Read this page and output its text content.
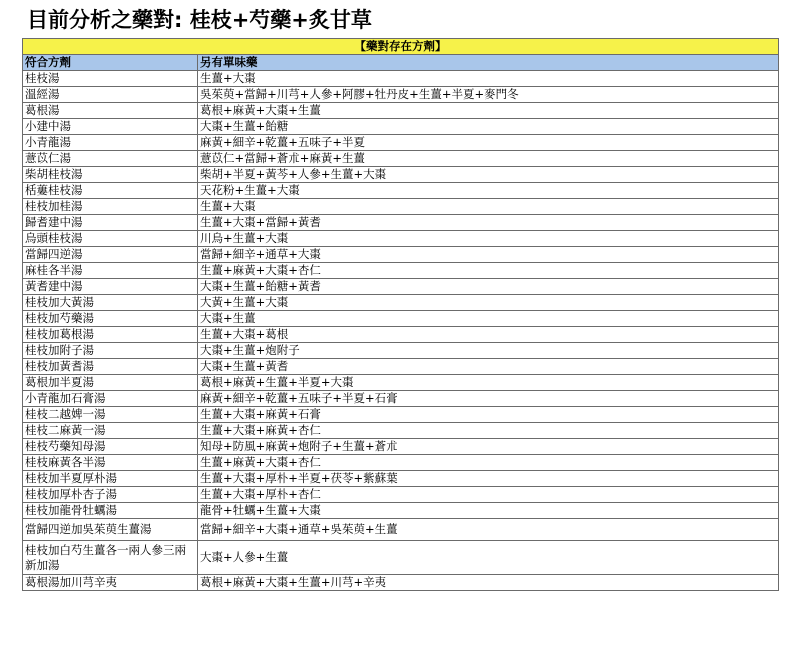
目前分析之藥對: 桂枝+芍藥+炙甘草
【藥對存在方劑】	
符合方劑	另有單味藥
桂枝湯	生薑+大棗
溫經湯	吳茱萸+當歸+川芎+人參+阿膠+牡丹皮+生薑+半夏+麥門冬
葛根湯	葛根+麻黃+大棗+生薑
小建中湯	大棗+生薑+飴糖
小青龍湯	麻黃+細辛+乾薑+五味子+半夏
薏苡仁湯	薏苡仁+當歸+蒼朮+麻黃+生薑
柴胡桂枝湯	柴胡+半夏+黃芩+人參+生薑+大棗
栝蔞桂枝湯	天花粉+生薑+大棗
桂枝加桂湯	生薑+大棗
歸耆建中湯	生薑+大棗+當歸+黃耆
烏頭桂枝湯	川烏+生薑+大棗
當歸四逆湯	當歸+細辛+通草+大棗
麻桂各半湯	生薑+麻黃+大棗+杏仁
黃耆建中湯	大棗+生薑+飴糖+黃耆
桂枝加大黃湯	大黃+生薑+大棗
桂枝加芍藥湯	大棗+生薑
桂枝加葛根湯	生薑+大棗+葛根
桂枝加附子湯	大棗+生薑+炮附子
桂枝加黃耆湯	大棗+生薑+黃耆
葛根加半夏湯	葛根+麻黃+生薑+半夏+大棗
小青龍加石膏湯	麻黃+細辛+乾薑+五味子+半夏+石膏
桂枝二越婢一湯	生薑+大棗+麻黃+石膏
桂枝二麻黃一湯	生薑+大棗+麻黃+杏仁
桂枝芍藥知母湯	知母+防風+麻黃+炮附子+生薑+蒼朮
桂枝麻黃各半湯	生薑+麻黃+大棗+杏仁
桂枝加半夏厚朴湯	生薑+大棗+厚朴+半夏+茯苓+紫蘇葉
桂枝加厚朴杏子湯	生薑+大棗+厚朴+杏仁
桂枝加龍骨牡蠣湯	龍骨+牡蠣+生薑+大棗
當歸四逆加吳茱萸生薑湯	當歸+細辛+大棗+通草+吳茱萸+生薑
桂枝加白芍生薑各一兩人參三兩新加湯	大棗+人參+生薑
葛根湯加川芎辛夷	葛根+麻黃+大棗+生薑+川芎+辛夷
